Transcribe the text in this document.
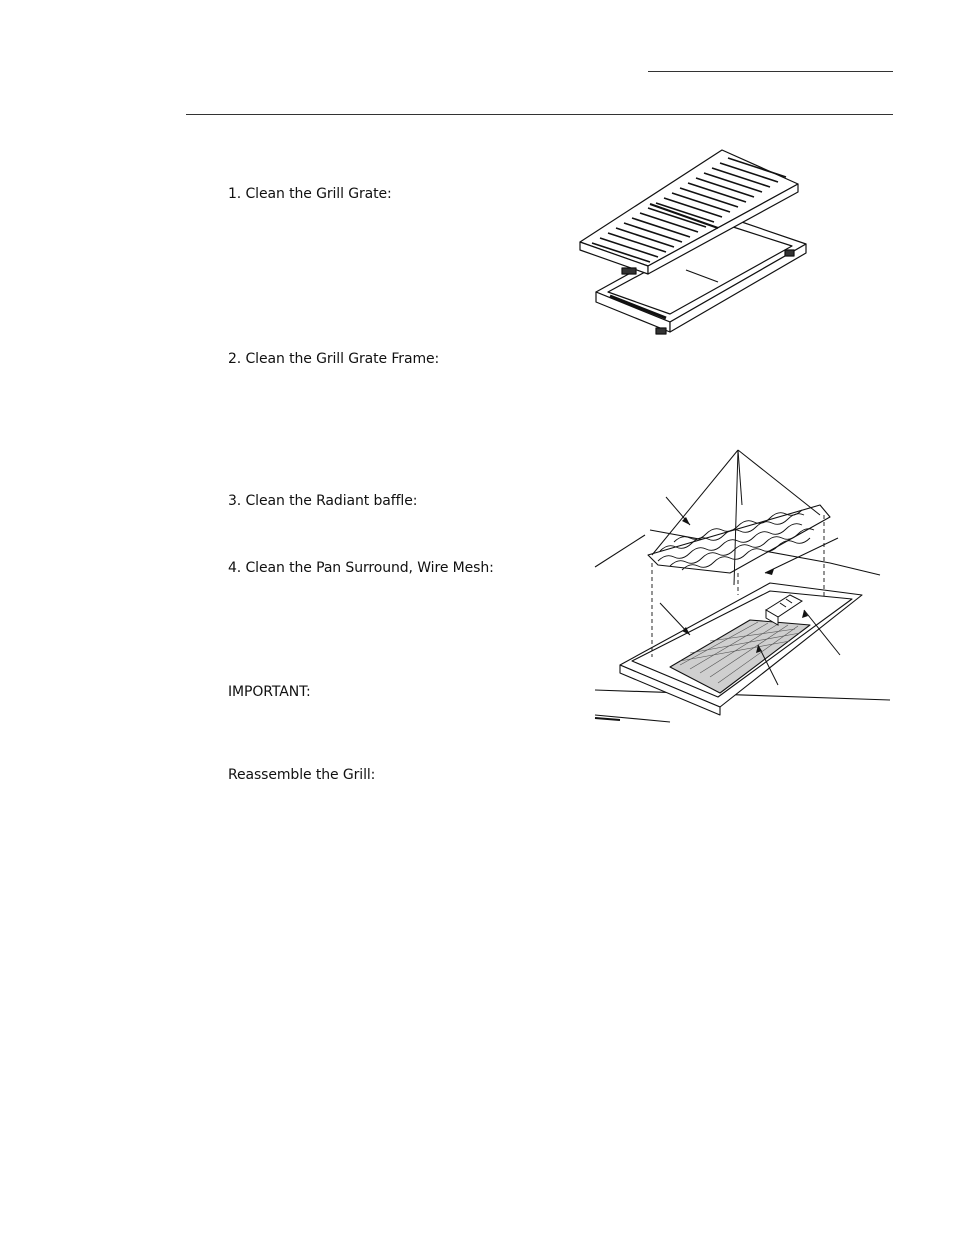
1. Clean the Grill Grate:
2. Clean the Grill Grate Frame:
3. Clean the Radiant baffle:
4. Clean the Pan Surround, Wire Mesh:
IMPORTANT:
Reassemble the Grill:
